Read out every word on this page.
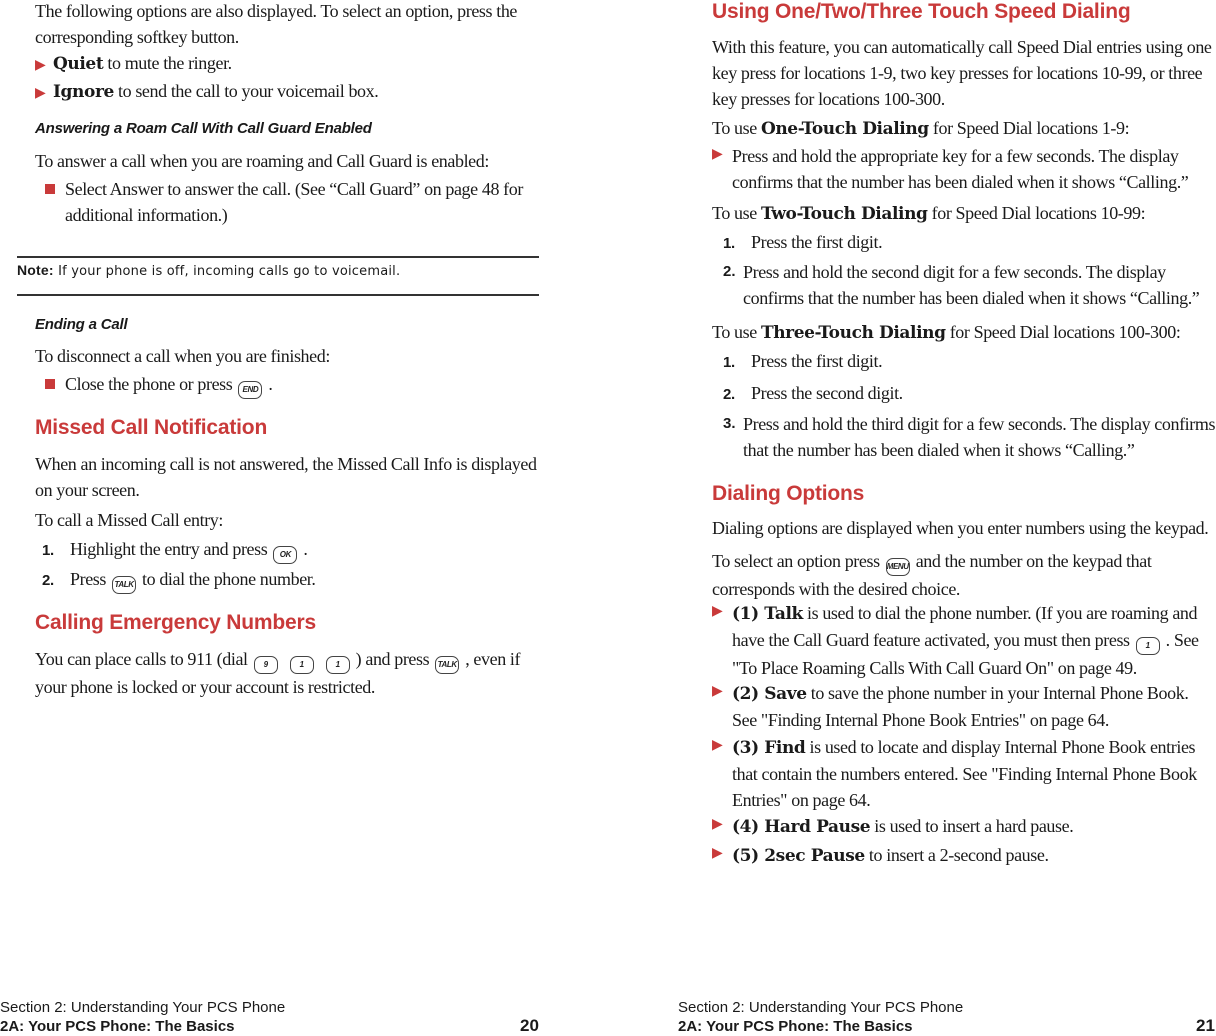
The following options are also displayed. To select an option, press the corresponding softkey button.

▶ Quiet to mute the ringer.

▶ Ignore to send the call to your voicemail box.

Answering a Roam Call With Call Guard Enabled

To answer a call when you are roaming and Call Guard is enabled:

Select Answer to answer the call. (See “Call Guard” on page 48 for additional information.)

Note: If your phone is off, incoming calls go to voicemail.

Ending a Call

To disconnect a call when you are finished:

Close the phone or press END .

Missed Call Notification

When an incoming call is not answered, the Missed Call Info is displayed on your screen.

To call a Missed Call entry:

1. Highlight the entry and press OK .

2. Press TALK to dial the phone number.

Calling Emergency Numbers

You can place calls to 911 (dial 9	1	1 ) and press TALK , even if your phone is locked or your account is restricted.

Section 2: Understanding Your PCS Phone
2A: Your PCS Phone: The Basics	20

Using One/Two/Three Touch Speed Dialing

With this feature, you can automatically call Speed Dial entries using one key press for locations 1-9, two key presses for locations 10-99, or three key presses for locations 100-300.

To use One-Touch Dialing for Speed Dial locations 1-9:

▶ Press and hold the appropriate key for a few seconds. The display confirms that the number has been dialed when it shows “Calling.”

To use Two-Touch Dialing for Speed Dial locations 10-99:

1. Press the first digit.

2. Press and hold the second digit for a few seconds. The display confirms that the number has been dialed when it shows “Calling.”

To use Three-Touch Dialing for Speed Dial locations 100-300:

1. Press the first digit.

2. Press the second digit.

3. Press and hold the third digit for a few seconds. The display confirms that the number has been dialed when it shows “Calling.”

Dialing Options

Dialing options are displayed when you enter numbers using the keypad.

To select an option press MENU and the number on the keypad that corresponds with the desired choice.

▶ (1) Talk is used to dial the phone number. (If you are roaming and have the Call Guard feature activated, you must then press 1 . See "To Place Roaming Calls With Call Guard On" on page 49.

▶ (2) Save to save the phone number in your Internal Phone Book. See "Finding Internal Phone Book Entries" on page 64.

▶ (3) Find is used to locate and display Internal Phone Book entries that contain the numbers entered. See "Finding Internal Phone Book Entries" on page 64.

▶ (4) Hard Pause is used to insert a hard pause.

▶ (5) 2sec Pause to insert a 2-second pause.

Section 2: Understanding Your PCS Phone
2A: Your PCS Phone: The Basics	21
